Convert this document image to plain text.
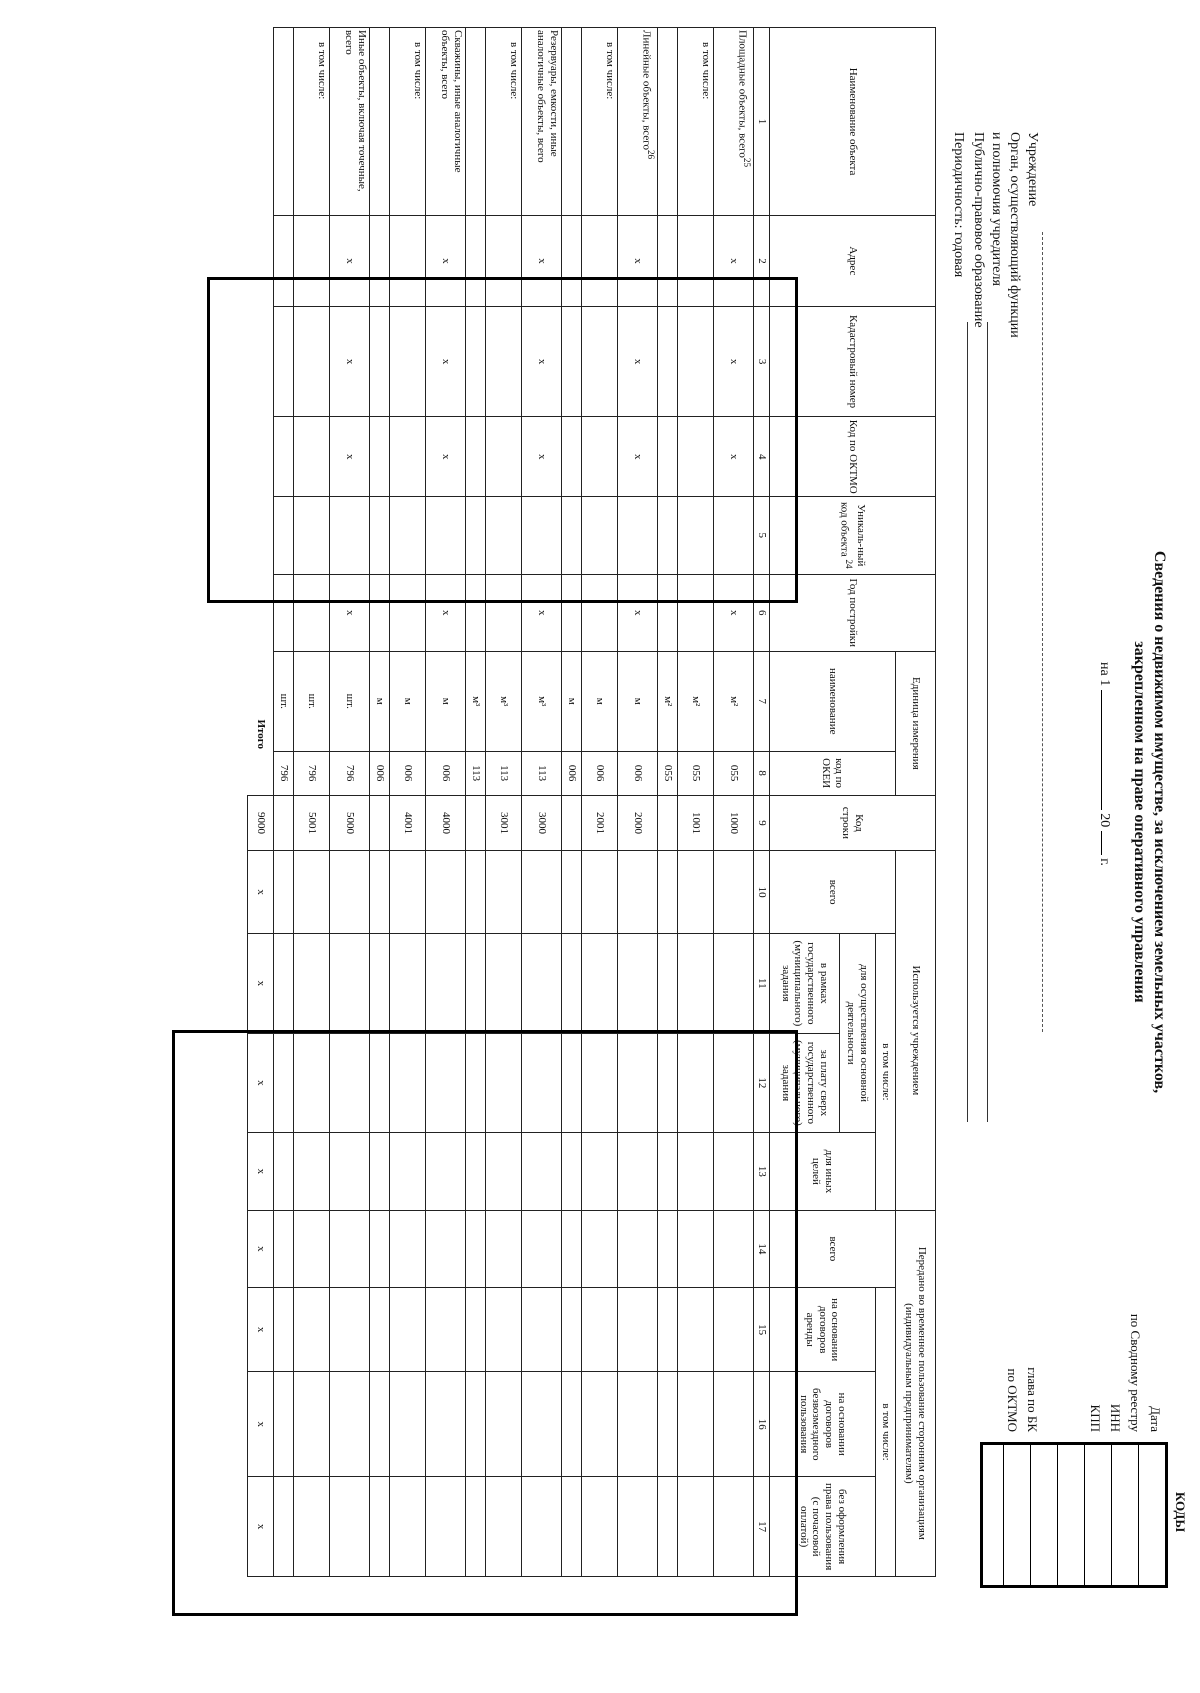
Сведения о недвижимом имуществе, за исключением земельных участков,
закрепленном на праве оперативного управления
на 1  20  г.
Учреждение
Орган, осуществляющий функции
и полномочия учредителя
Публично-правовое образование
Периодичность: годовая
Дата
по Сводному реестру
ИНН
КПП
глава по БК
по ОКТМО
КОДЫ
Наименование объекта	Адрес	Кадастровый номер	Код по ОКТМО	Уникаль-ный код объекта $^{24}$	Год постройки	Единица измерения		Код строки	Используется учреждением				Передано во временное пользование сторонним организациям (индивидуальным предпринимателям)			
						наименование	код по ОКЕИ		всего	в том числе:			всего	в том числе:		
										для осуществления основной деятельности		для иных целей		на основании договоров аренды	на основании договоров безвозмездного пользования	без оформления права пользования (с почасовой оплатой)
										в рамках государственного (муниципального) задания	за плату сверх государственного (муниципального) задания					
1	2	3	4	5	6	7	8	9	10	11	12	13	14	15	16	17
Площадные объекты, всего$^{25}$	x	x	x		x	м²	055	1000								
в том числе:						м²	055	1001								
						м²	055									
Линейные объекты, всего$^{26}$	x	x	x		x	м	006	2000								
в том числе:						м	006	2001								
						м	006									
Резервуары, емкости, иные аналогичные объекты, всего	x	x	x		x	м³	113	3000								
в том числе:						м³	113	3001								
						м³	113									
Скважины, иные аналогичные объекты, всего	x	x	x		x	м	006	4000								
в том числе:						м	006	4001								
						м	006									
Иные объекты, включая точечные, всего	x	x	x		x	шт.	796	5000								
в том числе:						шт.	796	5001								
						шт.	796									
Итого								9000	x	x	x	x	x	x	x	x
